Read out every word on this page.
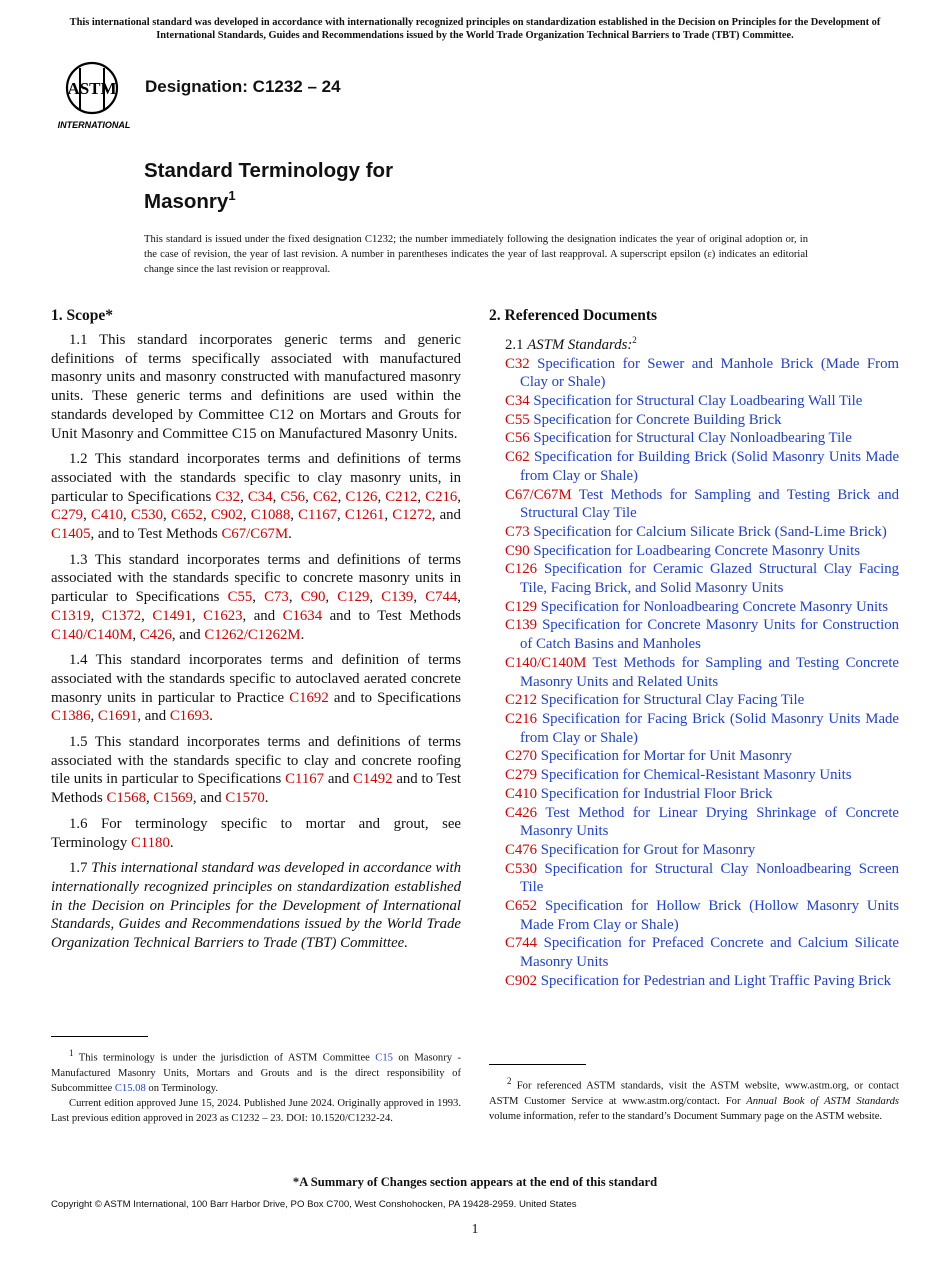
This international standard was developed in accordance with internationally recognized principles on standardization established in the Decision on Principles for the Development of International Standards, Guides and Recommendations issued by the World Trade Organization Technical Barriers to Trade (TBT) Committee.
ASTM
INTERNATIONAL
Designation: C1232 – 24
Standard Terminology for
Masonry$^1$
This standard is issued under the fixed designation C1232; the number immediately following the designation indicates the year of original adoption or, in the case of revision, the year of last revision. A number in parentheses indicates the year of last reapproval. A superscript epsilon (ε) indicates an editorial change since the last revision or reapproval.
1. Scope*

1.1 This standard incorporates generic terms and generic definitions of terms specifically associated with manufactured masonry units and masonry constructed with manufactured masonry units. These generic terms and definitions are used within the standards developed by Committee C12 on Mortars and Grouts for Unit Masonry and Committee C15 on Manufactured Masonry Units.

1.2 This standard incorporates terms and definitions of terms associated with the standards specific to clay masonry units, in particular to Specifications C32, C34, C56, C62, C126, C212, C216, C279, C410, C530, C652, C902, C1088, C1167, C1261, C1272, and C1405, and to Test Methods C67/C67M.

1.3 This standard incorporates terms and definitions of terms associated with the standards specific to concrete masonry units in particular to Specifications C55, C73, C90, C129, C139, C744, C1319, C1372, C1491, C1623, and C1634 and to Test Methods C140/C140M, C426, and C1262/C1262M.

1.4 This standard incorporates terms and definition of terms associated with the standards specific to autoclaved aerated concrete masonry units in particular to Practice C1692 and to Specifications C1386, C1691, and C1693.

1.5 This standard incorporates terms and definitions of terms associated with the standards specific to clay and concrete roofing tile units in particular to Specifications C1167 and C1492 and to Test Methods C1568, C1569, and C1570.

1.6 For terminology specific to mortar and grout, see Terminology C1180.

1.7 This international standard was developed in accordance with internationally recognized principles on standardization established in the Decision on Principles for the Development of International Standards, Guides and Recommendations issued by the World Trade Organization Technical Barriers to Trade (TBT) Committee.

2. Referenced Documents
2.1 ASTM Standards:$^2$
C32 Specification for Sewer and Manhole Brick (Made From Clay or Shale)
C34 Specification for Structural Clay Loadbearing Wall Tile
C55 Specification for Concrete Building Brick
C56 Specification for Structural Clay Nonloadbearing Tile
C62 Specification for Building Brick (Solid Masonry Units Made from Clay or Shale)
C67/C67M Test Methods for Sampling and Testing Brick and Structural Clay Tile
C73 Specification for Calcium Silicate Brick (Sand-Lime Brick)
C90 Specification for Loadbearing Concrete Masonry Units
C126 Specification for Ceramic Glazed Structural Clay Facing Tile, Facing Brick, and Solid Masonry Units
C129 Specification for Nonloadbearing Concrete Masonry Units
C139 Specification for Concrete Masonry Units for Construction of Catch Basins and Manholes
C140/C140M Test Methods for Sampling and Testing Concrete Masonry Units and Related Units
C212 Specification for Structural Clay Facing Tile
C216 Specification for Facing Brick (Solid Masonry Units Made from Clay or Shale)
C270 Specification for Mortar for Unit Masonry
C279 Specification for Chemical-Resistant Masonry Units
C410 Specification for Industrial Floor Brick
C426 Test Method for Linear Drying Shrinkage of Concrete Masonry Units
C476 Specification for Grout for Masonry
C530 Specification for Structural Clay Nonloadbearing Screen Tile
C652 Specification for Hollow Brick (Hollow Masonry Units Made From Clay or Shale)
C744 Specification for Prefaced Concrete and Calcium Silicate Masonry Units
C902 Specification for Pedestrian and Light Traffic Paving Brick

$^1$ This terminology is under the jurisdiction of ASTM Committee C15 on Masonry - Manufactured Masonry Units, Mortars and Grouts and is the direct responsibility of Subcommittee C15.08 on Terminology.

Current edition approved June 15, 2024. Published June 2024. Originally approved in 1993. Last previous edition approved in 2023 as C1232 – 23. DOI: 10.1520/C1232-24.

$^2$ For referenced ASTM standards, visit the ASTM website, www.astm.org, or contact ASTM Customer Service at www.astm.org/contact. For Annual Book of ASTM Standards volume information, refer to the standard’s Document Summary page on the ASTM website.

*A Summary of Changes section appears at the end of this standard
Copyright © ASTM International, 100 Barr Harbor Drive, PO Box C700, West Conshohocken, PA 19428-2959. United States
1
